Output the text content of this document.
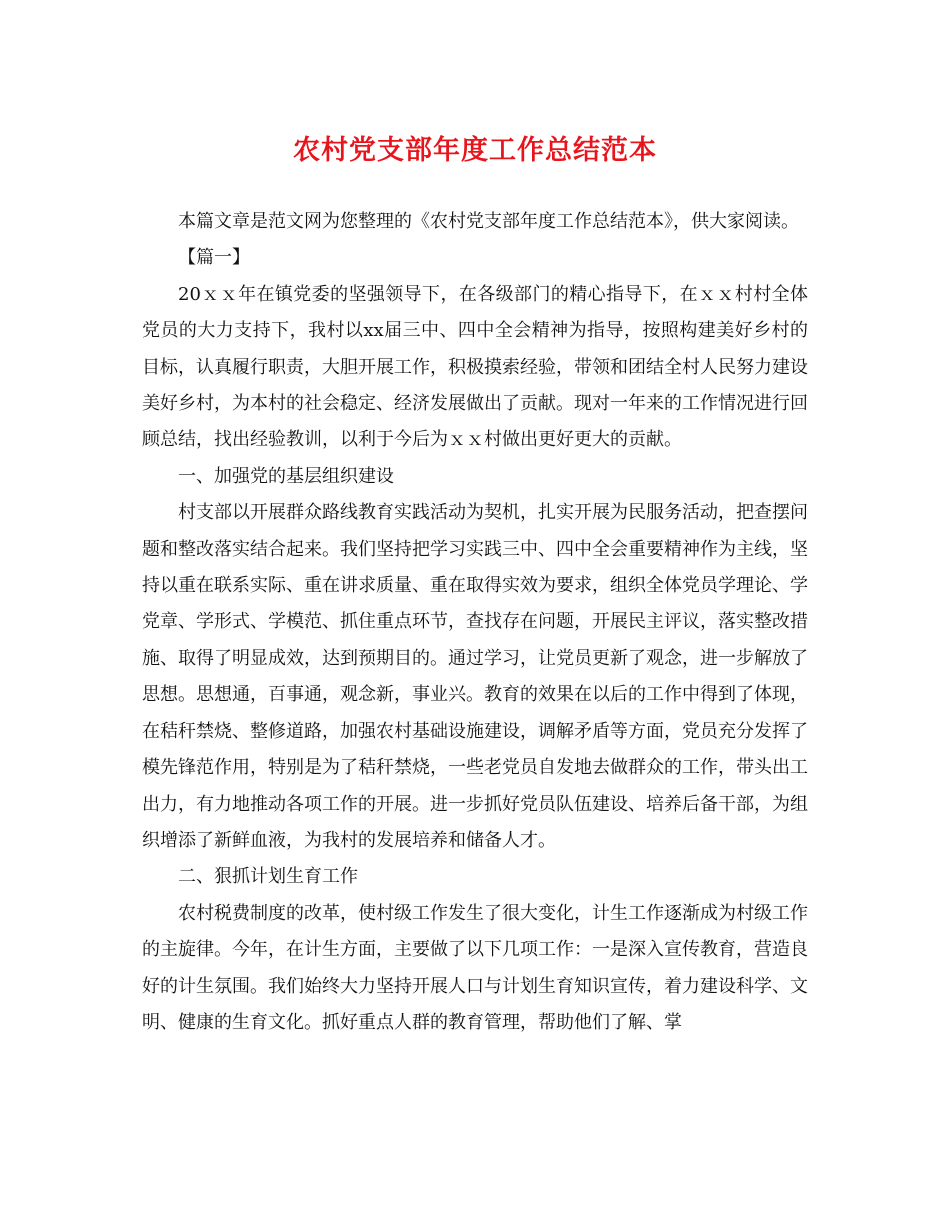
农村党支部年度工作总结范本

本篇文章是范文网为您整理的《农村党支部年度工作总结范本》，供大家阅读。

【篇一】

20ｘｘ年在镇党委的坚强领导下，在各级部门的精心指导下，在ｘｘ村村全体党员的大力支持下，我村以xx届三中、四中全会精神为指导，按照构建美好乡村的目标，认真履行职责，大胆开展工作，积极摸索经验，带领和团结全村人民努力建设美好乡村，为本村的社会稳定、经济发展做出了贡献。现对一年来的工作情况进行回顾总结，找出经验教训，以利于今后为ｘｘ村做出更好更大的贡献。

一、加强党的基层组织建设

村支部以开展群众路线教育实践活动为契机，扎实开展为民服务活动，把查摆问题和整改落实结合起来。我们坚持把学习实践三中、四中全会重要精神作为主线，坚持以重在联系实际、重在讲求质量、重在取得实效为要求，组织全体党员学理论、学党章、学形式、学模范、抓住重点环节，查找存在问题，开展民主评议，落实整改措施、取得了明显成效，达到预期目的。通过学习，让党员更新了观念，进一步解放了思想。思想通，百事通，观念新，事业兴。教育的效果在以后的工作中得到了体现，在秸秆禁烧、整修道路，加强农村基础设施建设，调解矛盾等方面，党员充分发挥了模先锋范作用，特别是为了秸秆禁烧，一些老党员自发地去做群众的工作，带头出工出力，有力地推动各项工作的开展。进一步抓好党员队伍建设、培养后备干部，为组织增添了新鲜血液，为我村的发展培养和储备人才。

二、狠抓计划生育工作

农村税费制度的改革，使村级工作发生了很大变化，计生工作逐渐成为村级工作的主旋律。今年，在计生方面，主要做了以下几项工作：一是深入宣传教育，营造良好的计生氛围。我们始终大力坚持开展人口与计划生育知识宣传，着力建设科学、文明、健康的生育文化。抓好重点人群的教育管理，帮助他们了解、掌
